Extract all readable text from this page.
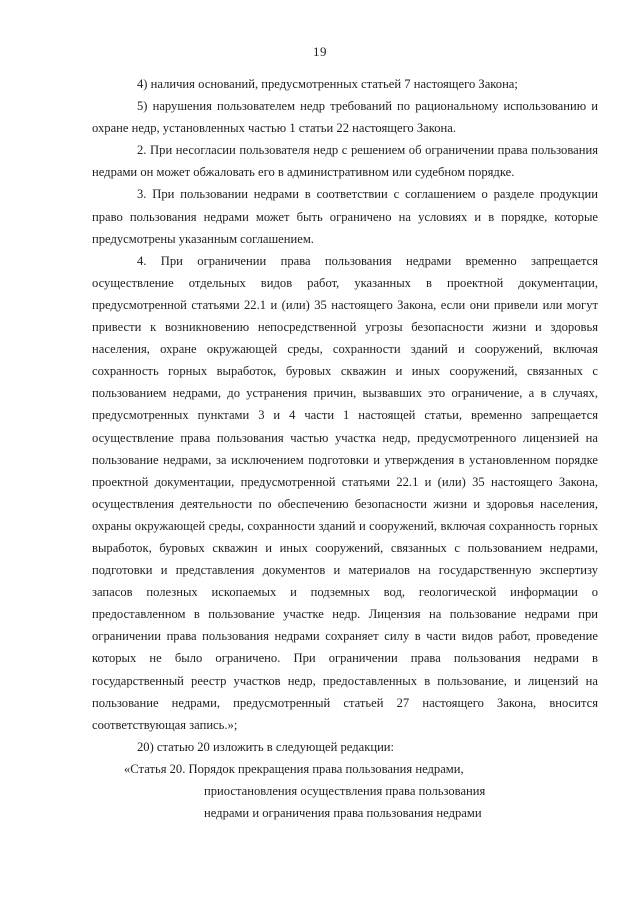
19

4) наличия оснований, предусмотренных статьей 7 настоящего Закона;

5) нарушения пользователем недр требований по рациональному использованию и охране недр, установленных частью 1 статьи 22 настоящего Закона.

2. При несогласии пользователя недр с решением об ограничении права пользования недрами он может обжаловать его в административном или судебном порядке.

3. При пользовании недрами в соответствии с соглашением о разделе продукции право пользования недрами может быть ограничено на условиях и в порядке, которые предусмотрены указанным соглашением.

4. При ограничении права пользования недрами временно запрещается осуществление отдельных видов работ, указанных в проектной документации, предусмотренной статьями 22.1 и (или) 35 настоящего Закона, если они привели или могут привести к возникновению непосредственной угрозы безопасности жизни и здоровья населения, охране окружающей среды, сохранности зданий и сооружений, включая сохранность горных выработок, буровых скважин и иных сооружений, связанных с пользованием недрами, до устранения причин, вызвавших это ограничение, а в случаях, предусмотренных пунктами 3 и 4 части 1 настоящей статьи, временно запрещается осуществление права пользования частью участка недр, предусмотренного лицензией на пользование недрами, за исключением подготовки и утверждения в установленном порядке проектной документации, предусмотренной статьями 22.1 и (или) 35 настоящего Закона, осуществления деятельности по обеспечению безопасности жизни и здоровья населения, охраны окружающей среды, сохранности зданий и сооружений, включая сохранность горных выработок, буровых скважин и иных сооружений, связанных с пользованием недрами, подготовки и представления документов и материалов на государственную экспертизу запасов полезных ископаемых и подземных вод, геологической информации о предоставленном в пользование участке недр. Лицензия на пользование недрами при ограничении права пользования недрами сохраняет силу в части видов работ, проведение которых не было ограничено. При ограничении права пользования недрами в государственный реестр участков недр, предоставленных в пользование, и лицензий на пользование недрами, предусмотренный статьей 27 настоящего Закона, вносится соответствующая запись.»;

20) статью 20 изложить в следующей редакции:

«Статья 20. Порядок прекращения права пользования недрами,

приостановления осуществления права пользования

недрами и ограничения права пользования недрами
